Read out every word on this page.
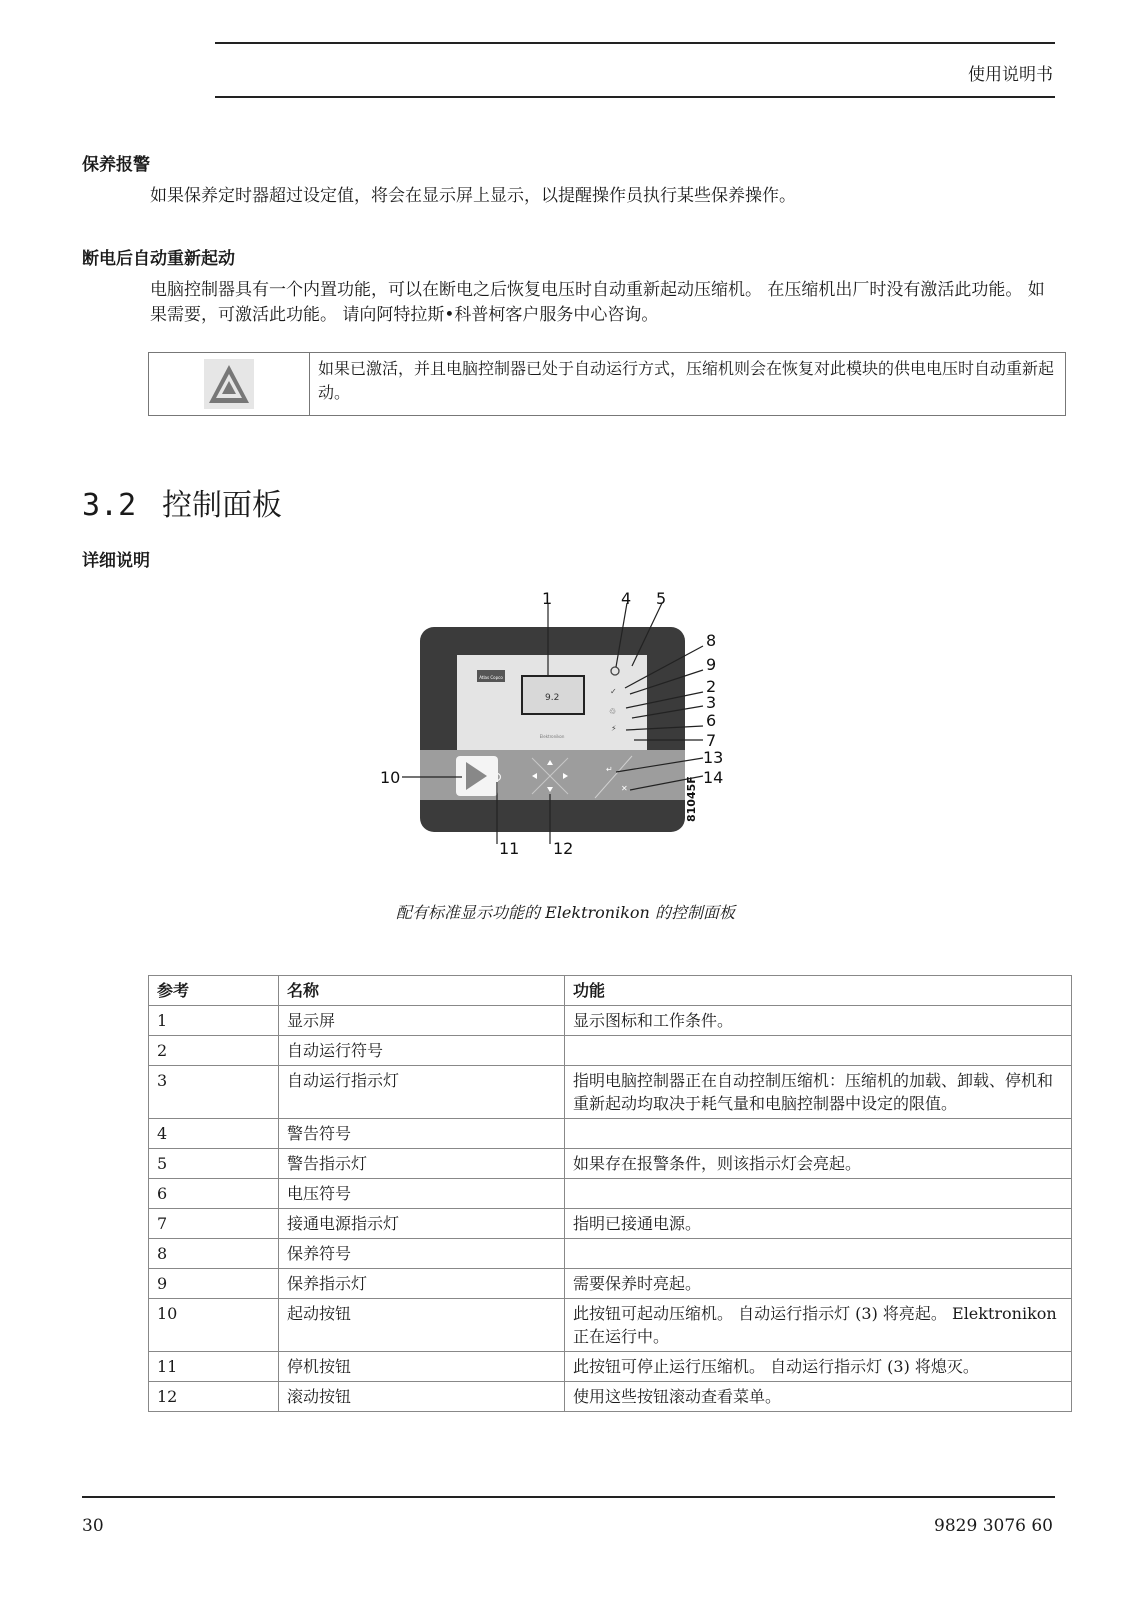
使用说明书
保养报警
如果保养定时器超过设定值，将会在显示屏上显示，以提醒操作员执行某些保养操作。
断电后自动重新起动
电脑控制器具有一个内置功能，可以在断电之后恢复电压时自动重新起动压缩机。 在压缩机出厂时没有激活此功能。 如果需要，可激活此功能。 请向阿特拉斯•科普柯客户服务中心咨询。
如果已激活，并且电脑控制器已处于自动运行方式，压缩机则会在恢复对此模块的供电电压时自动重新起动。
3.2 控制面板
详细说明
Atlas Copco
9.2
Elektronikon
✓
♲
⚡
↵
✕
1	4 5
8
9
2
3
6
7
13
14
10
11 12
81045F
配有标准显示功能的 Elektronikon 的控制面板
参考	名称	功能
1	显示屏	显示图标和工作条件。
2	自动运行符号	
3	自动运行指示灯	指明电脑控制器正在自动控制压缩机：压缩机的加载、卸载、停机和重新起动均取决于耗气量和电脑控制器中设定的限值。
4	警告符号	
5	警告指示灯	如果存在报警条件，则该指示灯会亮起。
6	电压符号	
7	接通电源指示灯	指明已接通电源。
8	保养符号	
9	保养指示灯	需要保养时亮起。
10	起动按钮	此按钮可起动压缩机。 自动运行指示灯 (3) 将亮起。 Elektronikon 正在运行中。
11	停机按钮	此按钮可停止运行压缩机。 自动运行指示灯 (3) 将熄灭。
12	滚动按钮	使用这些按钮滚动查看菜单。
30	9829 3076 60
